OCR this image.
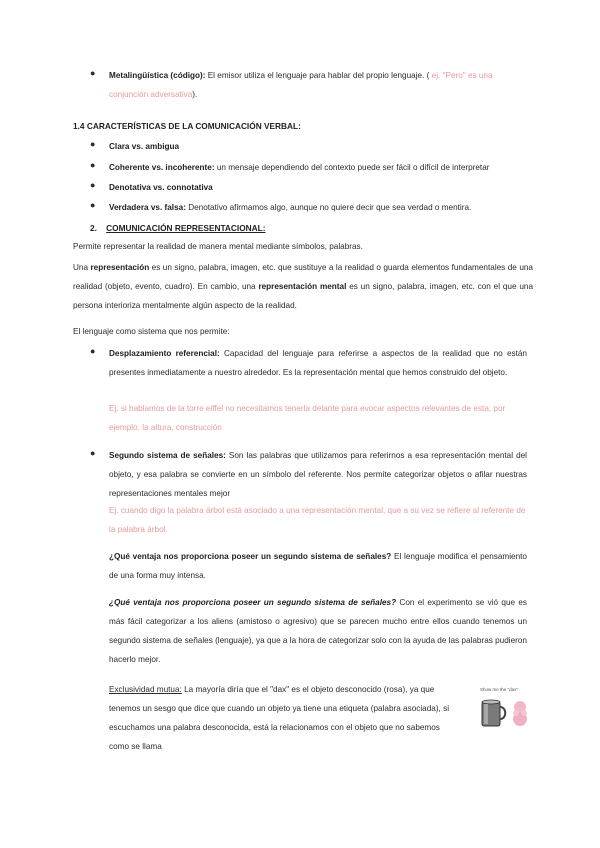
● Metalingüística (código): El emisor utiliza el lenguaje para hablar del propio lenguaje. ( ej. "Pero" es una
conjunción adversativa).

1.4 CARACTERÍSTICAS DE LA COMUNICACIÓN VERBAL:
● Clara vs. ambigua

● Coherente vs. incoherente: un mensaje dependiendo del contexto puede ser fácil o difícil de interpretar

● Denotativa vs. connotativa

● Verdadera vs. falsa: Denotativo afirmamos algo, aunque no quiere decir que sea verdad o mentira.

2. COMUNICACIÓN REPRESENTACIONAL:

Permite representar la realidad de manera mental mediante símbolos, palabras.

Una representación es un signo, palabra, imagen, etc. que sustituye a la realidad o guarda elementos fundamentales de una realidad (objeto, evento, cuadro). En cambio, una representación mental es un signo, palabra, imagen, etc. con el que una persona interioriza mentalmente algún aspecto de la realidad.

El lenguaje como sistema que nos permite:

● Desplazamiento referencial: Capacidad del lenguaje para referirse a aspectos de la realidad que no están presentes inmediatamente a nuestro alrededor. Es la representación mental que hemos construido del objeto.

Ej. si hablamos de la torre eiffel no necesitamos tenerla delante para evocar aspectos relevantes de esta, por ejemplo, la altura, construcción

● Segundo sistema de señales: Son las palabras que utilizamos para referirnos a esa representación mental del objeto, y esa palabra se convierte en un símbolo del referente. Nos permite categorizar objetos o afilar nuestras representaciones mentales mejor

Ej. cuando digo la palabra árbol está asociado a una representación mental, que a su vez se refiere al referente de la palabra árbol.

¿Qué ventaja nos proporciona poseer un segundo sistema de señales? El lenguaje modifica el pensamiento de una forma muy intensa.

¿Qué ventaja nos proporciona poseer un segundo sistema de señales? Con el experimento se vió que es más fácil categorizar a los aliens (amistoso o agresivo) que se parecen mucho entre ellos cuando tenemos un segundo sistema de señales (lenguaje), ya que a la hora de categorizar solo con la ayuda de las palabras pudieron hacerlo mejor.

Exclusividad mutua: La mayoría diría que el "dax" es el objeto desconocido (rosa), ya que tenemos un sesgo que dice que cuando un objeto ya tiene una etiqueta (palabra asociada), si escuchamos una palabra desconocida, está la relacionamos con el objeto que no sabemos como se llama

Show me the "dax"
